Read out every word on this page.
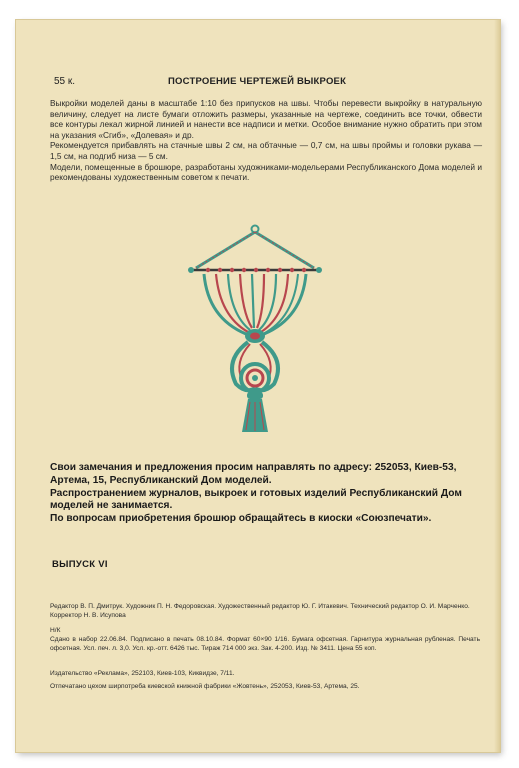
55 к.	ПОСТРОЕНИЕ ЧЕРТЕЖЕЙ ВЫКРОЕК

Выкройки моделей даны в масштабе 1:10 без припусков на швы. Чтобы перевести выкройку в натуральную величину, следует на листе бумаги отложить размеры, указанные на чертеже, соединить все точки, обвести все контуры лекал жирной линией и нанести все надписи и метки. Особое внимание нужно обратить при этом на указания «Сгиб», «Долевая» и др.

Рекомендуется прибавлять на стачные швы 2 см, на обтачные — 0,7 см, на швы проймы и головки рукава — 1,5 см, на подгиб низа — 5 см.

Модели, помещенные в брошюре, разработаны художниками-модельерами Республиканского Дома моделей и рекомендованы художественным советом к печати.

Свои замечания и предложения просим направлять по адресу: 252053, Киев-53, Артема, 15, Республиканский Дом моделей.

Распространением журналов, выкроек и готовых изделий Республиканский Дом моделей не занимается.

По вопросам приобретения брошюр обращайтесь в киоски «Союзпечати».

ВЫПУСК VI

Редактор В. П. Дмитрук. Художник П. Н. Федоровская. Художественный редактор Ю. Г. Итакевич. Технический редактор О. И. Марченко. Корректор Н. В. Исупова

Н/К
Сдано в набор 22.06.84. Подписано в печать 08.10.84. Формат 60×90 1/16. Бумага офсетная. Гарнитура журнальная рубленая. Печать офсетная. Усл. печ. л. 3,0. Усл. кр.-отт. 6426 тыс. Тираж 714 000 экз. Зак. 4-200. Изд. № 3411. Цена 55 коп.
Издательство «Реклама», 252103, Киев-103, Киквидзе, 7/11.
Отпечатано цехом ширпотреба киевской книжной фабрики «Жовтень», 252053, Киев-53, Артема, 25.
